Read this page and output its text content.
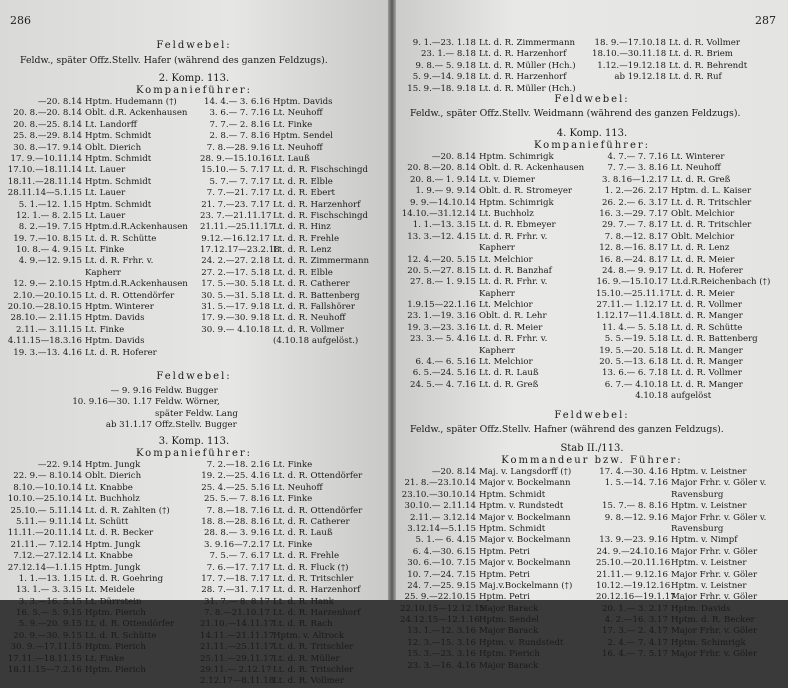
286
Feldwebel:
Feldw., später Offz.Stellv. Hafer (während des ganzen Feldzugs).
2. Komp. 113.
Kompanieführer:
—20. 8.14 Hptm. Hudemann (†)
20. 8.—20. 8.14 Oblt. d.R. Ackenhausen
20. 8.—25. 8.14 Lt. Landorff
25. 8.—29. 8.14 Hptm. Schmidt
30. 8.—17. 9.14 Oblt. Dierich
17. 9.—10.11.14 Hptm. Schmidt
17.10.—18.11.14 Lt. Lauer
18.11.—28.11.14 Hptm. Schmidt
28.11.14—5.1.15 Lt. Lauer
5. 1.—12. 1.15 Hptm. Schmidt
12. 1.— 8. 2.15 Lt. Lauer
8. 2.—19. 7.15 Hptm.d.R.Ackenhausen
19. 7.—10. 8.15 Lt. d. R. Schütte
10. 8.— 4. 9.15 Lt. Finke
4. 9.—12. 9.15 Lt. d. R. Frhr. v.
Kapherr
12. 9.— 2.10.15 Hptm.d.R.Ackenhausen
2.10.—20.10.15 Lt. d. R. Ottendörfer
20.10.—28.10.15 Hptm. Winterer
28.10.— 2.11.15 Hptm. Davids
2.11.— 3.11.15 Lt. Finke
4.11.15—18.3.16 Hptm. Davids
19. 3.—13. 4.16 Lt. d. R. Hoferer
14. 4.— 3. 6.16 Hptm. Davids
3. 6.— 7. 7.16 Lt. Neuhoff
7. 7.— 2. 8.16 Lt. Finke
2. 8.— 7. 8.16 Hptm. Sendel
7. 8.—28. 9.16 Lt. Neuhoff
28. 9.—15.10.16 Lt. Lauß
15.10.— 5. 7.17 Lt. d. R. Fischschingd
5. 7.— 7. 7.17 Lt. d. R. Elble
7. 7.—21. 7.17 Lt. d. R. Ebert
21. 7.—23. 7.17 Lt. d. R. Harzenhorf
23. 7.—21.11.17 Lt. d. R. Fischschingd
21.11.—25.11.17
Lt. d. R. Hinz
9.12.—16.12.17 Lt. d. R. Frehle
17.12.17—23.2.18
Lt. d. R. Lenz
24. 2.—27. 2.18 Lt. d. R. Zimmermann
27. 2.—17. 5.18 Lt. d. R. Elble
17. 5.—30. 5.18 Lt. d. R. Catherer
30. 5.—31. 5.18 Lt. d. R. Battenberg
31. 5.—17. 9.18 Lt. d. R. Fallshörer
17. 9.—30. 9.18 Lt. d. R. Neuhoff
30. 9.— 4.10.18 Lt. d. R. Vollmer
(4.10.18 aufgelöst.)
Feldwebel:
— 9. 9.16 Feldw. Bugger
10. 9.16—30. 1.17 Feldw. Wörner,
später Feldw. Lang
ab 31.1.17 Offz.Stellv. Bugger
3. Komp. 113.
Kompanieführer:
—22. 9.14 Hptm. Jungk
22. 9.— 8.10.14 Oblt. Dierich
8.10.—10.10.14 Lt. Knabbe
10.10.—25.10.14 Lt. Buchholz
25.10.— 5.11.14 Lt. d. R. Zahlten (†)
5.11.— 9.11.14 Lt. Schütt
11.11.—20.11.14 Lt. d. R. Becker
21.11.— 7.12.14 Hptm. Jungk
7.12.—27.12.14 Lt. Knabbe
27.12.14—1.1.15 Hptm. Jungk
1. 1.—13. 1.15 Lt. d. R. Goehring
13. 1.— 3. 3.15 Lt. Meidele
3. 3.—16. 5.15 Lt. Dürrstein
16. 5.— 5. 9.15 Hptm. Pierich
5. 9.—20. 9.15 Lt. d. R. Ottendörfer
20. 9.—30. 9.15 Lt. d. R. Schütte
30. 9.—17.11.15 Hptm. Pierich
17.11.—18.11.15 Lt. Finke
18.11.15—7.2.16 Hptm. Pierich
7. 2.—18. 2.16 Lt. Finke
19. 2.—25. 4.16 Lt. d. R. Ottendörfer
25. 4.—25. 5.16 Lt. Neuhoff
25. 5.— 7. 8.16 Lt. Finke
7. 8.—18. 7.16 Lt. d. R. Ottendörfer
18. 8.—28. 8.16 Lt. d. R. Catherer
28. 8.— 3. 9.16 Lt. d. R. Lauß
3. 9.16—7.2.17 Lt. Finke
7. 5.— 7. 6.17 Lt. d. R. Frehle
7. 6.—17. 7.17 Lt. d. R. Fluck (†)
17. 7.—18. 7.17 Lt. d. R. Tritschler
28. 7.—31. 7.17 Lt. d. R. Harzenhorf
31. 7.— 8. 8.17 Lt. d. R. Hank
7. 8.—21.10.17 Lt. d. R. Harzenhorf
21.10.—14.11.17
Lt. d. R. Rach
14.11.—21.11.17
Hptm. v. Altrock
21.11.—25.11.17
Lt. d. R. Tritschler
25.11.—29.11.17
Lt. d. R. Müller
29.11.— 2.12.17 Lt. d. R. Tritschler
2.12.17—8.11.18
Lt. d. R. Vollmer
287
9. 1.—23. 1.18 Lt. d. R. Zimmermann
23. 1.— 8.18 Lt. d. R. Harzenhorf
9. 8.— 5. 9.18 Lt. d. R. Müller (Hch.)
5. 9.—14. 9.18 Lt. d. R. Harzenhorf
15. 9.—18. 9.18 Lt. d. R. Müller (Hch.)
18. 9.—17.10.18 Lt. d. R. Vollmer
18.10.—30.11.18 Lt. d. R. Briem
1.12.—19.12.18 Lt. d. R. Behrendt
ab 19.12.18 Lt. d. R. Ruf
Feldwebel:
Feldw., später Offz.Stellv. Weidmann (während des ganzen Feldzugs).
4. Komp. 113.
Kompanieführer:
—20. 8.14 Hptm. Schimrigk
20. 8.—20. 8.14 Oblt. d. R. Ackenhausen
20. 8.— 1. 9.14 Lt. v. Diemer
1. 9.— 9. 9.14 Oblt. d. R. Stromeyer
9. 9.—14.10.14 Hptm. Schimrigk
14.10.—31.12.14 Lt. Buchholz
1. 1.—13. 3.15 Lt. d. R. Ebmeyer
13. 3.—12. 4.15 Lt. d. R. Frhr. v.
Kapherr
12. 4.—20. 5.15 Lt. Melchior
20. 5.—27. 8.15 Lt. d. R. Banzhaf
27. 8.— 1. 9.15 Lt. d. R. Frhr. v.
Kapherr
1.9.15—22.1.16 Lt. Melchior
23. 1.—19. 3.16 Oblt. d. R. Lehr
19. 3.—23. 3.16 Lt. d. R. Meier
23. 3.— 5. 4.16 Lt. d. R. Frhr. v.
Kapherr
6. 4.— 6. 5.16 Lt. Melchior
6. 5.—24. 5.16 Lt. d. R. Lauß
24. 5.— 4. 7.16 Lt. d. R. Greß
4. 7.— 7. 7.16 Lt. Winterer
7. 7.— 3. 8.16 Lt. Neuhoff
3. 8.16—1.2.17 Lt. d. R. Greß
1. 2.—26. 2.17 Hptm. d. L. Kaiser
26. 2.— 6. 3.17 Lt. d. R. Tritschler
16. 3.—29. 7.17 Oblt. Melchior
29. 7.— 7. 8.17 Lt. d. R. Tritschler
7. 8.—12. 8.17 Oblt. Melchior
12. 8.—16. 8.17 Lt. d. R. Lenz
16. 8.—24. 8.17 Lt. d. R. Meier
24. 8.— 9. 9.17 Lt. d. R. Hoferer
16. 9.—15.10.17 Lt.d.R.Reichenbach (†)
15.10.—25.11.17 Lt. d. R. Meier
27.11.— 1.12.17 Lt. d. R. Vollmer
1.12.17—11.4.18 Lt. d. R. Manger
11. 4.— 5. 5.18 Lt. d. R. Schütte
5. 5.—19. 5.18 Lt. d. R. Battenberg
19. 5.—20. 5.18 Lt. d. R. Manger
20. 5.—13. 6.18 Lt. d. R. Manger
13. 6.— 6. 7.18 Lt. d. R. Vollmer
6. 7.— 4.10.18 Lt. d. R. Manger
4.10.18 aufgelöst
Feldwebel:
Feldw., später Offz.Stellv. Hafner (während des ganzen Feldzugs).
Stab II./113.
Kommandeur bzw. Führer:
—20. 8.14 Maj. v. Langsdorff (†)
21. 8.—23.10.14 Major v. Bockelmann
23.10.—30.10.14 Hptm. Schmidt
30.10.— 2.11.14 Hptm. v. Rundstedt
2.11.— 3.12.14 Major v. Bockelmann
3.12.14—5.1.15 Hptm. Schmidt
5. 1.— 6. 4.15 Major v. Bockelmann
6. 4.—30. 6.15 Hptm. Petri
30. 6.—10. 7.15 Major v. Bockelmann
10. 7.—24. 7.15 Hptm. Petri
24. 7.—25. 9.15 Maj.v.Bockelmann (†)
25. 9.—22.10.15 Hptm. Petri
22.10.15—12.12.15
Major Barack
24.12.15—12.1.16 Hptm. Sendel
13. 1.—12. 3.16 Major Barack
12. 3.—15. 3.16 Hptm. v. Rundstedt
15. 3.—23. 3.16 Hptm. Pierich
23. 3.—16. 4.16 Major Barack
17. 4.—30. 4.16 Hptm. v. Leistner
1. 5.—14. 7.16 Major Frhr. v. Göler v.
Ravensburg
15. 7.— 8. 8.16 Hptm. v. Leistner
9. 8.—12. 9.16 Major Frhr. v. Göler v.
Ravensburg
13. 9.—23. 9.16 Hptm. v. Nimpf
24. 9.—24.10.16 Major Frhr. v. Göler
25.10.—20.11.16 Hptm. v. Leistner
21.11.— 9.12.16 Major Frhr. v. Göler
10.12.—19.12.16 Hptm. v. Leistner
20.12.16—19.1.17
Major Frhr. v. Göler
20. 1.— 3. 2.17 Hptm. Davids
4. 2.—16. 3.17 Hptm. d. R. Becker
17. 3.— 2. 4.17 Major Frhr. v. Göler
2. 4.— 7. 4.17 Hptm. Schimrigk
16. 4.— 7. 5.17 Major Frhr. v. Göler
